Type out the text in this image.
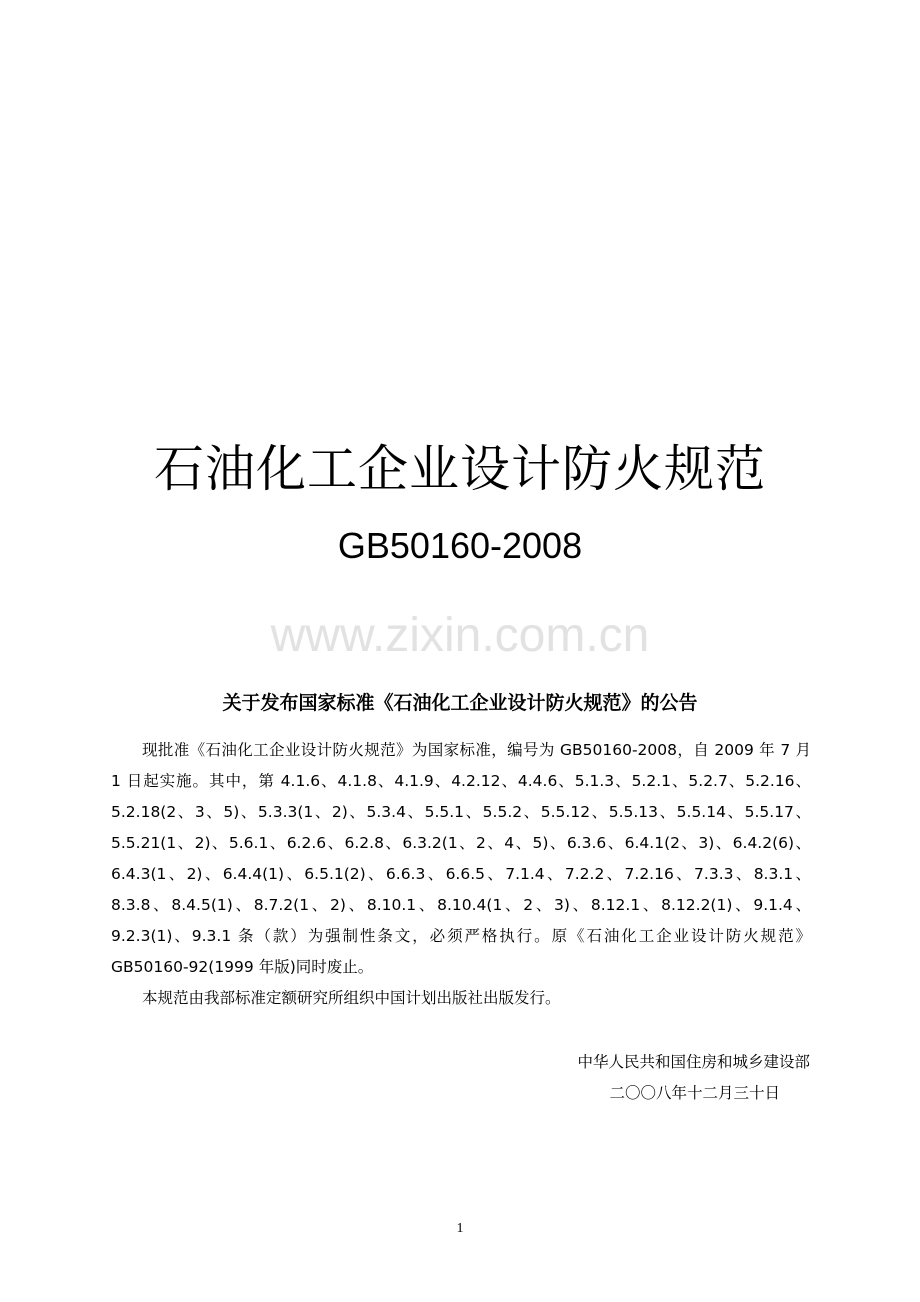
石油化工企业设计防火规范
GB50160-2008
www.zixin.com.cn
关于发布国家标准《石油化工企业设计防火规范》的公告

现批准《石油化工企业设计防火规范》为国家标准，编号为 GB50160-2008，自 2009 年 7 月 1 日起实施。其中，第 4.1.6、4.1.8、4.1.9、4.2.12、4.4.6、5.1.3、5.2.1、5.2.7、5.2.16、5.2.18(2、3、5)、5.3.3(1、2)、5.3.4、5.5.1、5.5.2、5.5.12、5.5.13、5.5.14、5.5.17、5.5.21(1、2)、5.6.1、6.2.6、6.2.8、6.3.2(1、2、4、5)、6.3.6、6.4.1(2、3)、6.4.2(6)、6.4.3(1、2)、6.4.4(1)、6.5.1(2)、6.6.3、6.6.5、7.1.4、7.2.2、7.2.16、7.3.3、8.3.1、8.3.8、8.4.5(1)、8.7.2(1、2)、8.10.1、8.10.4(1、2、3)、8.12.1、8.12.2(1)、9.1.4、9.2.3(1)、9.3.1 条（款）为强制性条文，必须严格执行。原《石油化工企业设计防火规范》GB50160-92(1999 年版)同时废止。

本规范由我部标准定额研究所组织中国计划出版社出版发行。

中华人民共和国住房和城乡建设部
二〇〇八年十二月三十日
1
